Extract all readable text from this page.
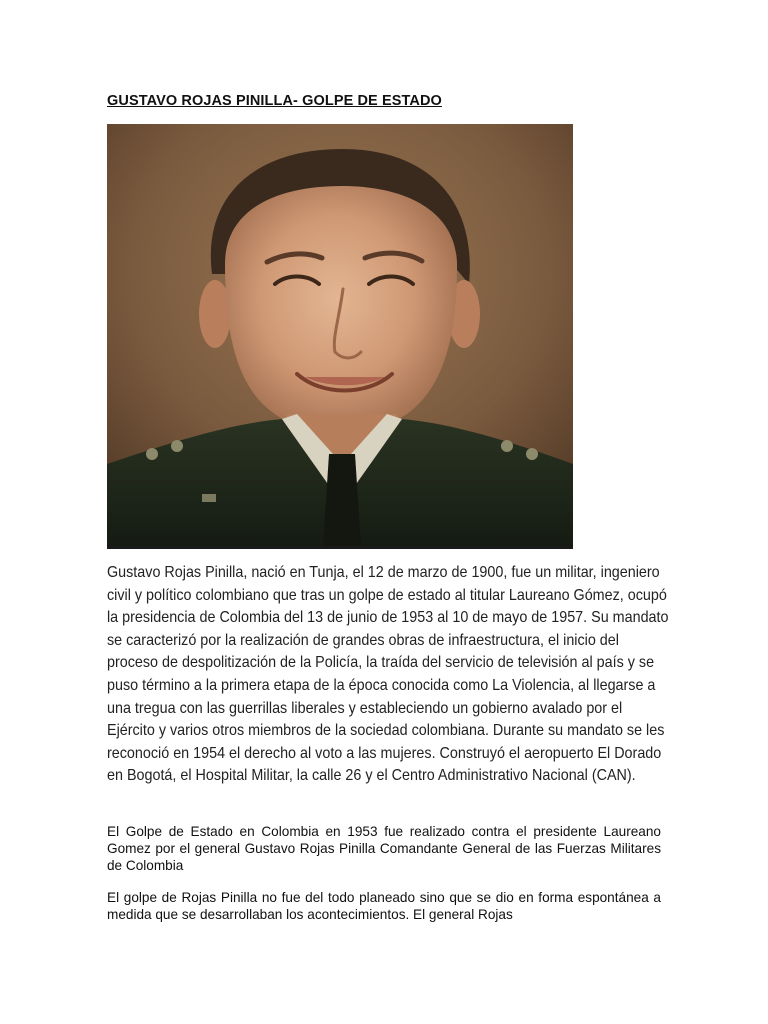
GUSTAVO ROJAS PINILLA- GOLPE DE ESTADO
Gustavo Rojas Pinilla, nació en Tunja, el 12 de marzo de 1900, fue un militar, ingeniero civil y político colombiano que tras un golpe de estado al titular Laureano Gómez, ocupó la presidencia de Colombia del 13 de junio de 1953 al 10 de mayo de 1957. Su mandato se caracterizó por la realización de grandes obras de infraestructura, el inicio del proceso de despolitización de la Policía, la traída del servicio de televisión al país y se puso término a la primera etapa de la época conocida como La Violencia, al llegarse a una tregua con las guerrillas liberales y estableciendo un gobierno avalado por el Ejército y varios otros miembros de la sociedad colombiana. Durante su mandato se les reconoció en 1954 el derecho al voto a las mujeres. Construyó el aeropuerto El Dorado en Bogotá, el Hospital Militar, la calle 26 y el Centro Administrativo Nacional (CAN).
El Golpe de Estado en Colombia en 1953 fue realizado contra el presidente Laureano Gomez por el general Gustavo Rojas Pinilla Comandante General de las Fuerzas Militares de Colombia
El golpe de Rojas Pinilla no fue del todo planeado sino que se dio en forma espontánea a medida que se desarrollaban los acontecimientos. El general Rojas
